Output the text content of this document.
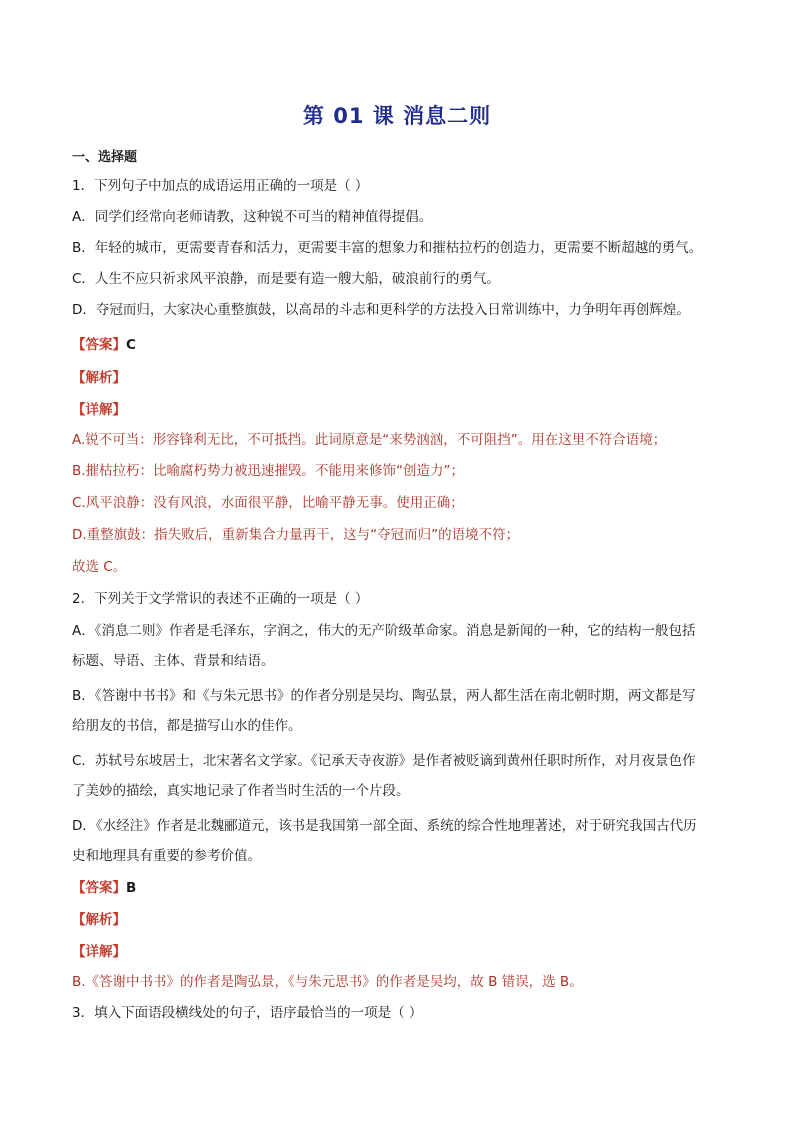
第 01 课 消息二则
一、选择题
1．下列句子中加点的成语运用正确的一项是（ ）
A．同学们经常向老师请教，这种锐不可当的精神值得提倡。
B．年轻的城市，更需要青春和活力，更需要丰富的想象力和摧枯拉朽的创造力，更需要不断超越的勇气。
C．人生不应只祈求风平浪静，而是要有造一艘大船，破浪前行的勇气。
D．夺冠而归，大家决心重整旗鼓，以高昂的斗志和更科学的方法投入日常训练中，力争明年再创辉煌。
【答案】C
【解析】
【详解】
A.锐不可当：形容锋利无比，不可抵挡。此词原意是“来势汹汹，不可阻挡”。用在这里不符合语境；
B.摧枯拉朽：比喻腐朽势力被迅速摧毁。不能用来修饰“创造力”；
C.风平浪静：没有风浪，水面很平静，比喻平静无事。使用正确；
D.重整旗鼓：指失败后，重新集合力量再干，这与“夺冠而归”的语境不符；
故选 C。
2．下列关于文学常识的表述不正确的一项是（ ）
A．《消息二则》作者是毛泽东，字润之，伟大的无产阶级革命家。消息是新闻的一种，它的结构一般包括
标题、导语、主体、背景和结语。
B．《答谢中书书》和《与朱元思书》的作者分别是吴均、陶弘景，两人都生活在南北朝时期，两文都是写
给朋友的书信，都是描写山水的佳作。
C．苏轼号东坡居士，北宋著名文学家。《记承天寺夜游》是作者被贬谪到黄州任职时所作，对月夜景色作
了美妙的描绘，真实地记录了作者当时生活的一个片段。
D．《水经注》作者是北魏郦道元，该书是我国第一部全面、系统的综合性地理著述，对于研究我国古代历
史和地理具有重要的参考价值。
【答案】B
【解析】
【详解】
B.《答谢中书书》的作者是陶弘景，《与朱元思书》的作者是吴均，故 B 错误，选 B。
3．填入下面语段横线处的句子，语序最恰当的一项是（ ）
